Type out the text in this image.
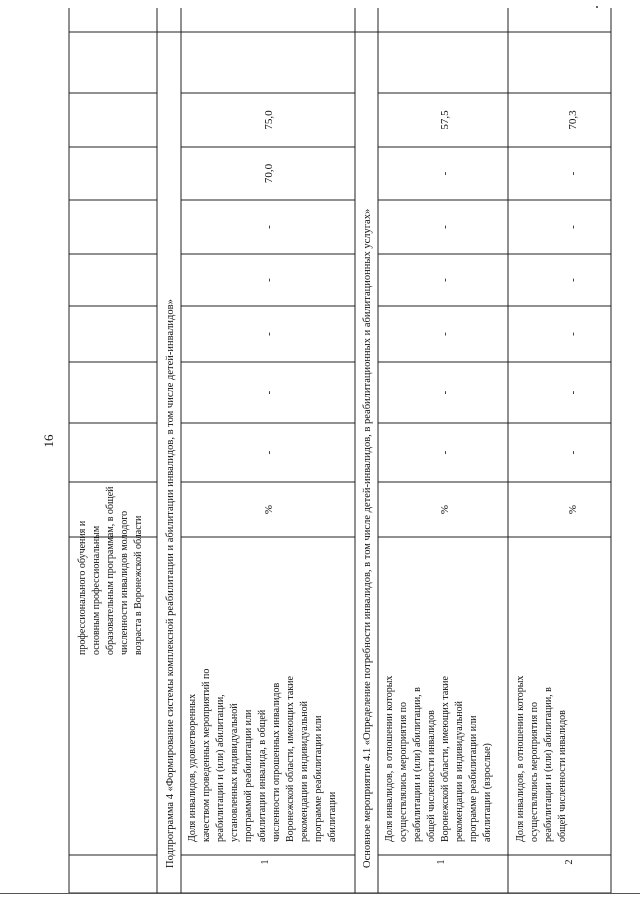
16
профессионального обучения и основным профессиональным образовательным программам, в общей численности инвалидов молодого возраста в Воронежской области Подпрограмма 4 «Формирование системы комплексной реабилитации и абилитации инвалидов, в том числе детей-инвалидов»	1
Доля инвалидов, удовлетворенных качеством проведенных мероприятий по реабилитации и (или) абилитации, установленных индивидуальной программой реабилитации или абилитации инвалида, в общей численности опрошенных инвалидов Воронежской области, имеющих такие рекомендации в индивидуальной программе реабилитации или абилитации
%
-
-
-
-
-
70,0
75,0
Основное мероприятие 4.1 «Определение потребности инвалидов, в том числе детей-инвалидов, в реабилитационных и абилитационных услугах»	1
Доля инвалидов, в отношении которых осуществлялись мероприятия по реабилитации и (или) абилитации, в общей численности инвалидов Воронежской области, имеющих такие рекомендации в индивидуальной программе реабилитации или абилитации (взрослые)
%
-
-
-
-
-
-
57,5
2
Доля инвалидов, в отношении которых осуществлялись мероприятия по реабилитации и (или) абилитации, в общей численности инвалидов
%
-
-
-
-
-
-
70,3
